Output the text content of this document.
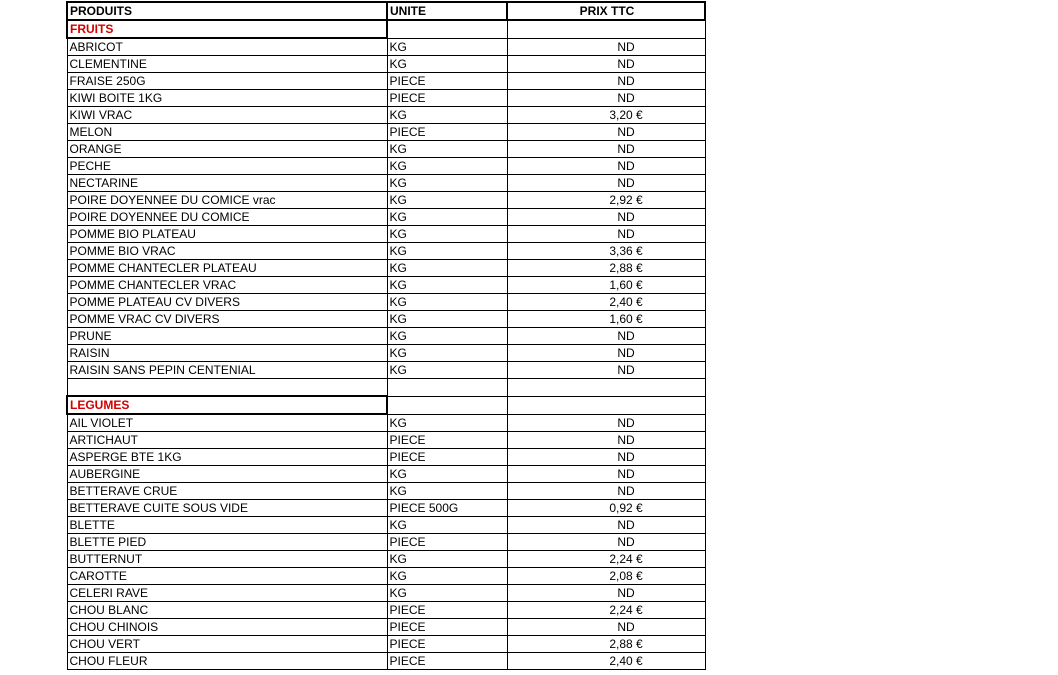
PRODUITS	UNITE	PRIX TTC
FRUITS		
ABRICOT	KG	ND
CLEMENTINE	KG	ND
FRAISE 250G	PIECE	ND
KIWI BOITE 1KG	PIECE	ND
KIWI VRAC	KG	3,20 €
MELON	PIECE	ND
ORANGE	KG	ND
PECHE	KG	ND
NECTARINE	KG	ND
POIRE DOYENNEE DU COMICE vrac	KG	2,92 €
POIRE DOYENNEE DU COMICE	KG	ND
POMME BIO PLATEAU	KG	ND
POMME BIO VRAC	KG	3,36 €
POMME CHANTECLER PLATEAU	KG	2,88 €
POMME CHANTECLER VRAC	KG	1,60 €
POMME PLATEAU CV DIVERS	KG	2,40 €
POMME VRAC CV DIVERS	KG	1,60 €
PRUNE	KG	ND
RAISIN	KG	ND
RAISIN SANS PEPIN CENTENIAL	KG	ND

LEGUMES		
AIL VIOLET	KG	ND
ARTICHAUT	PIECE	ND
ASPERGE BTE 1KG	PIECE	ND
AUBERGINE	KG	ND
BETTERAVE CRUE	KG	ND
BETTERAVE CUITE SOUS VIDE	PIECE 500G	0,92 €
BLETTE	KG	ND
BLETTE PIED	PIECE	ND
BUTTERNUT	KG	2,24 €
CAROTTE	KG	2,08 €
CELERI RAVE	KG	ND
CHOU BLANC	PIECE	2,24 €
CHOU CHINOIS	PIECE	ND
CHOU VERT	PIECE	2,88 €
CHOU FLEUR	PIECE	2,40 €
